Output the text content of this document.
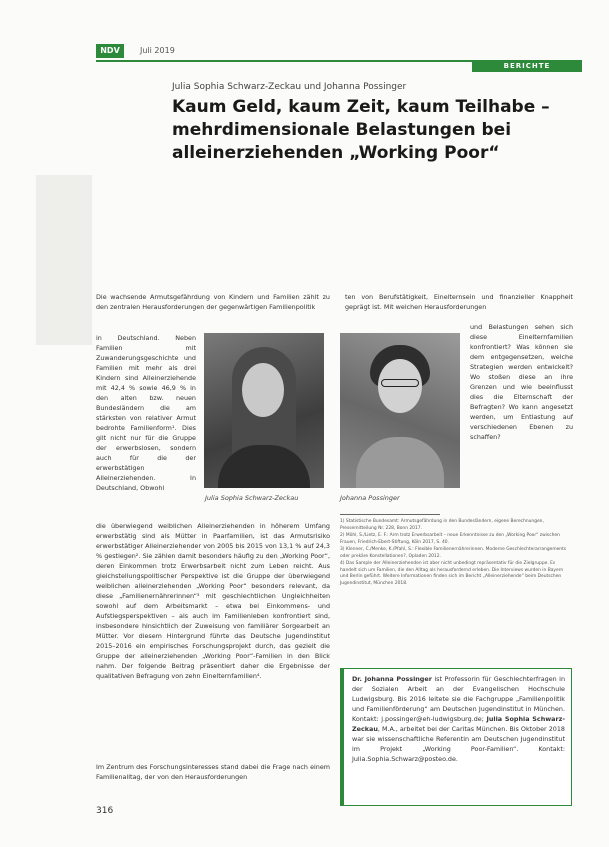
NDV	Juli 2019
BERICHTE
Julia Sophia Schwarz-Zeckau und Johanna Possinger
Kaum Geld, kaum Zeit, kaum Teilhabe – mehrdimensionale Belastungen bei alleinerziehenden „Working Poor“

Die wachsende Armutsgefährdung von Kindern und Familien zählt zu den zentralen Herausforderungen der gegenwärtigen Familienpolitik

in Deutschland. Neben Familien mit Zuwanderungsgeschichte und Familien mit mehr als drei Kindern sind Alleinerziehende mit 42,4 % sowie 46,9 % in den alten bzw. neuen Bundesländern die am stärksten von relativer Armut bedrohte Familienform¹. Dies gilt nicht nur für die Gruppe der erwerbslosen, sondern auch für die der erwerbstätigen Alleinerziehenden. In Deutschland, Obwohl

die überwiegend weiblichen Alleinerziehenden in höherem Umfang erwerbstätig sind als Mütter in Paarfamilien, ist das Armutsrisiko erwerbstätiger Alleinerziehender von 2005 bis 2015 von 13,1 % auf 24,3 % gestiegen². Sie zählen damit besonders häufig zu den „Working Poor“, deren Einkommen trotz Erwerbsarbeit nicht zum Leben reicht. Aus gleichstellungspolitischer Perspektive ist die Gruppe der überwiegend weiblichen alleinerziehenden „Working Poor“ besonders relevant, da diese „Familienernährerinnen“³ mit geschlechtlichen Ungleichheiten sowohl auf dem Arbeitsmarkt – etwa bei Einkommens- und Aufstiegsperspektiven – als auch im Familienleben konfrontiert sind, insbesondere hinsichtlich der Zuweisung von familiärer Sorgearbeit an Mütter. Vor diesem Hintergrund führte das Deutsche Jugendinstitut 2015–2016 ein empirisches Forschungsprojekt durch, das gezielt die Gruppe der alleinerziehenden „Working Poor“-Familien in den Blick nahm. Der folgende Beitrag präsentiert daher die Ergebnisse der qualitativen Befragung von zehn Einelternfamilien⁴.

Im Zentrum des Forschungsinteresses stand dabei die Frage nach einem Familienalltag, der von den Herausforderungen

ten von Berufstätigkeit, Einelternsein und finanzieller Knappheit geprägt ist. Mit welchen Herausforderungen

und Belastungen sehen sich diese Einelternfamilien konfrontiert? Was können sie dem entgegensetzen, welche Strategien werden entwickelt? Wo stoßen diese an ihre Grenzen und wie beeinflusst dies die Elternschaft der Befragten? Wo kann angesetzt werden, um Entlastung auf verschiedenen Ebenen zu schaffen?

Julia Sophia Schwarz-Zeckau	Johanna Possinger

1) Statistische Bundesamt: Armutsgefährdung in den Bundesländern, eigene Berechnungen, Pressemitteilung Nr. 228, Bonn 2017.

2) Möhl, S./Lietz, E. F.: Arm trotz Erwerbsarbeit – neue Erkenntnisse zu den „Working Poor“ zwischen Frauen, Friedrich-Ebert-Stiftung, Köln 2017, S. 40.

3) Klenner, C./Menke, K./Pfahl, S.: Flexible Familienernährerinnen. Moderne Geschlechterarrangements oder prekäre Konstellationen?, Opladen 2012.

4) Das Sample der Alleinerziehenden ist aber nicht unbedingt repräsentativ für die Zielgruppe. Es handelt sich um Familien, die den Alltag als herausfordernd erleben. Die Interviews wurden in Bayern und Berlin geführt. Weitere Informationen finden sich im Bericht „Alleinerziehende“ beim Deutschen Jugendinstitut, München 2018.

Dr. Johanna Possinger ist Professorin für Geschlechterfragen in der Sozialen Arbeit an der Evangelischen Hochschule Ludwigsburg. Bis 2016 leitete sie die Fachgruppe „Familienpolitik und Familienförderung“ am Deutschen Jugendinstitut in München. Kontakt: j.possinger@eh-ludwigsburg.de; Julia Sophia Schwarz-Zeckau, M.A., arbeitet bei der Caritas München. Bis Oktober 2018 war sie wissenschaftliche Referentin am Deutschen Jugendinstitut im Projekt „Working Poor-Familien“. Kontakt: Julia.Sophia.Schwarz@posteo.de.

316
